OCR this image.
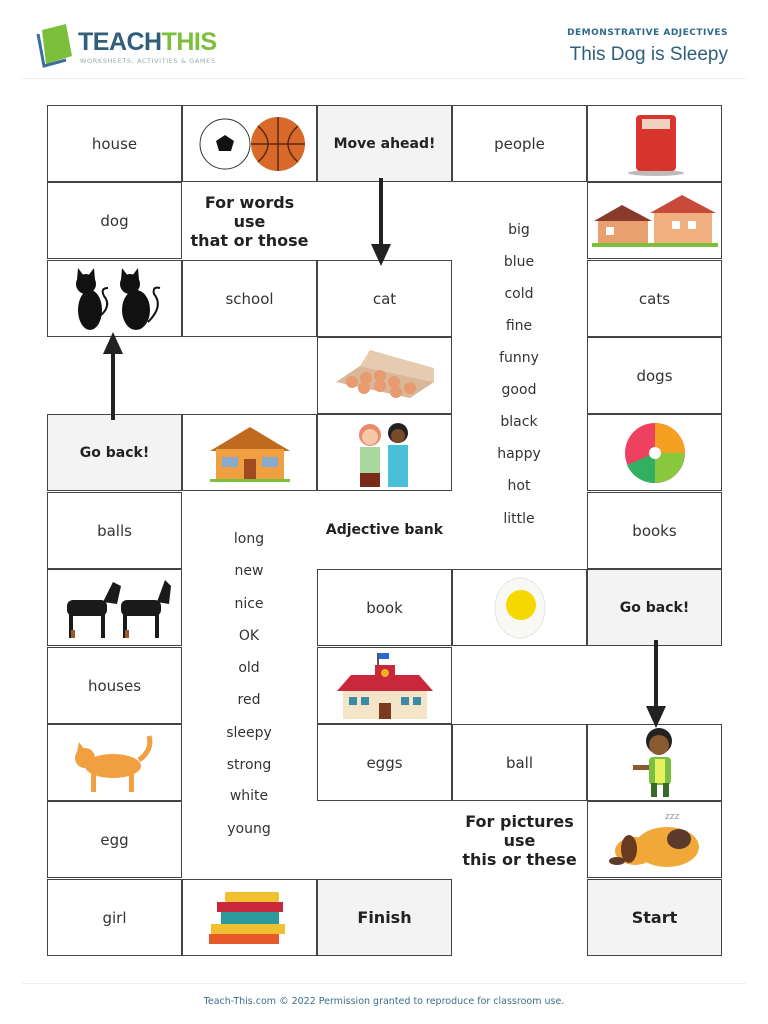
TEACHTHIS
WORKSHEETS, ACTIVITIES & GAMES
DEMONSTRATIVE ADJECTIVES
This Dog is Sleepy
house	Move ahead!	people
dog
For words
use
that or those
school	cat	cats
dogs
Go back!
balls	books
book	Go back!
houses
eggs	ball
egg
For pictures
use
this or these
zzz
girl	Finish	Start
Adjective bank
big
blue
cold
fine
funny
good
black
happy
hot
little
long
new
nice
OK
old
red
sleepy
strong
white
young
Teach-This.com © 2022 Permission granted to reproduce for classroom use.
